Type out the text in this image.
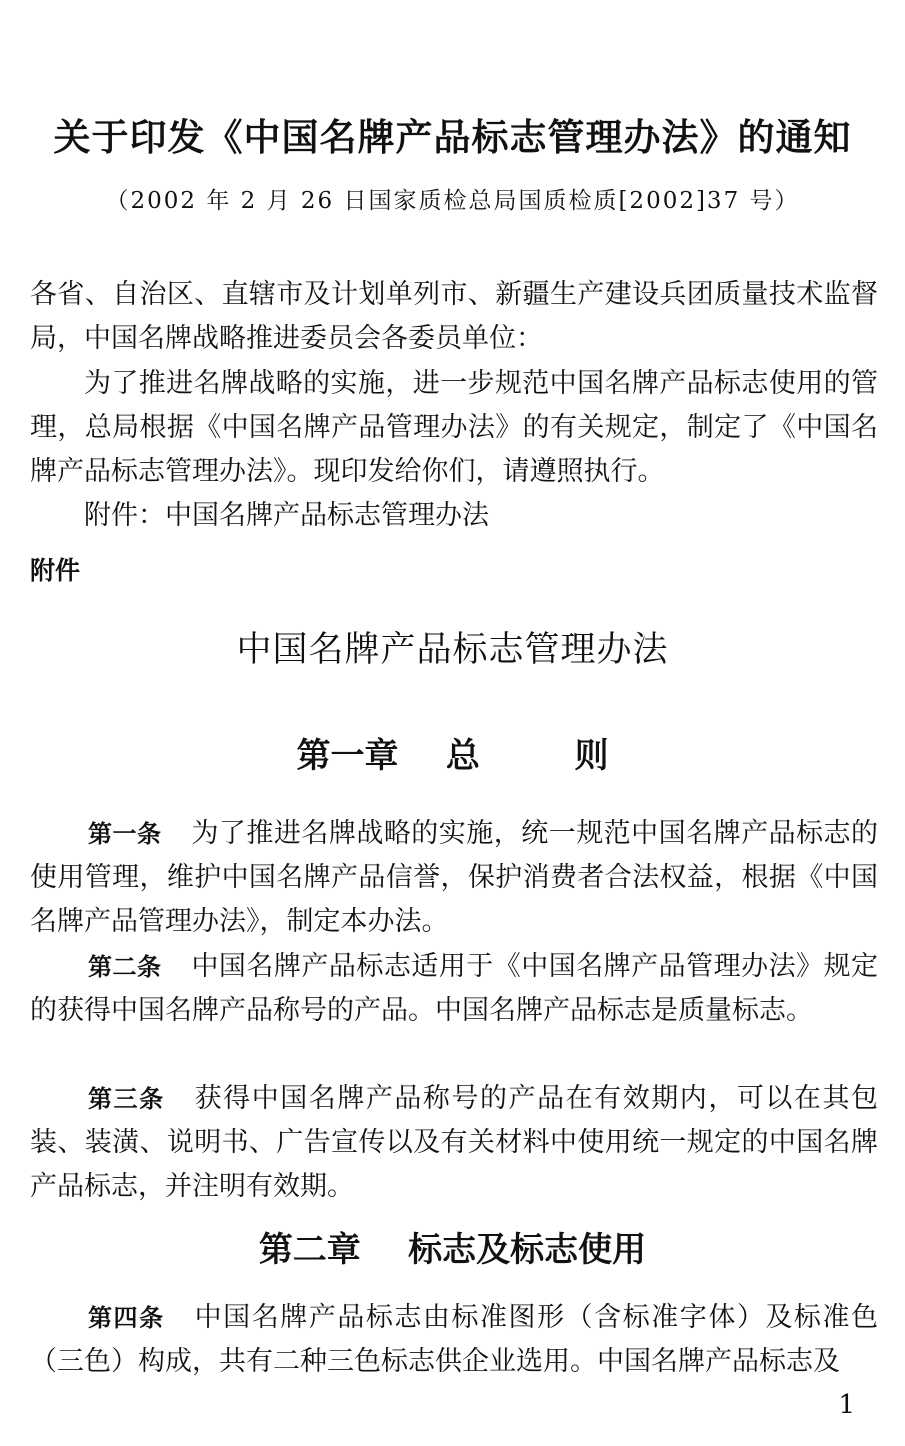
关于印发《中国名牌产品标志管理办法》的通知
（2002 年 2 月 26 日国家质检总局国质检质[2002]37 号）

各省、自治区、直辖市及计划单列市、新疆生产建设兵团质量技术监督局，中国名牌战略推进委员会各委员单位：

为了推进名牌战略的实施，进一步规范中国名牌产品标志使用的管理，总局根据《中国名牌产品管理办法》的有关规定，制定了《中国名牌产品标志管理办法》。现印发给你们，请遵照执行。

附件：中国名牌产品标志管理办法

附件
中国名牌产品标志管理办法
第一章    总        则
第一条 为了推进名牌战略的实施，统一规范中国名牌产品标志的使用管理，维护中国名牌产品信誉，保护消费者合法权益，根据《中国名牌产品管理办法》，制定本办法。
第二条 中国名牌产品标志适用于《中国名牌产品管理办法》规定的获得中国名牌产品称号的产品。中国名牌产品标志是质量标志。
第三条 获得中国名牌产品称号的产品在有效期内，可以在其包装、装潢、说明书、广告宣传以及有关材料中使用统一规定的中国名牌产品标志，并注明有效期。
第二章    标志及标志使用
第四条 中国名牌产品标志由标准图形（含标准字体）及标准色（三色）构成，共有二种三色标志供企业选用。中国名牌产品标志及
1
